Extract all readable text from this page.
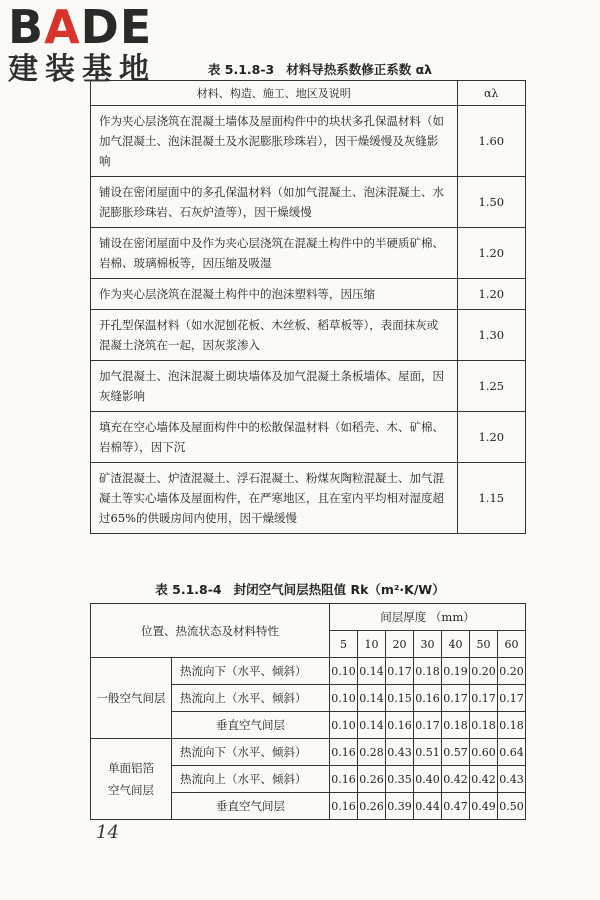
BADE
建装基地	表 5.1.8-3 材料导热系数修正系数 αλ
材料、构造、施工、地区及说明	αλ
作为夹心层浇筑在混凝土墙体及屋面构件中的块状多孔保温材料（如加气混凝土、泡沫混凝土及水泥膨胀珍珠岩），因干燥缓慢及灰缝影响	1.60
铺设在密闭屋面中的多孔保温材料（如加气混凝土、泡沫混凝土、水泥膨胀珍珠岩、石灰炉渣等），因干燥缓慢	1.50
铺设在密闭屋面中及作为夹心层浇筑在混凝土构件中的半硬质矿棉、岩棉、玻璃棉板等，因压缩及吸湿	1.20
作为夹心层浇筑在混凝土构件中的泡沫塑料等，因压缩	1.20
开孔型保温材料（如水泥刨花板、木丝板、稻草板等），表面抹灰或混凝土浇筑在一起，因灰浆渗入	1.30
加气混凝土、泡沫混凝土砌块墙体及加气混凝土条板墙体、屋面，因灰缝影响	1.25
填充在空心墙体及屋面构件中的松散保温材料（如稻壳、木、矿棉、岩棉等），因下沉	1.20
矿渣混凝土、炉渣混凝土、浮石混凝土、粉煤灰陶粒混凝土、加气混凝土等实心墙体及屋面构件，在严寒地区，且在室内平均相对湿度超过65%的供暖房间内使用，因干燥缓慢	1.15
表 5.1.8-4 封闭空气间层热阻值 Rk（m²·K/W）
位置、热流状态及材料特性		间层厚度 （mm）						
		5	10	20	30	40	50	60

一般空气间层	热流向下（水平、倾斜）	0.10	0.14	0.17	0.18	0.19	0.20	0.20
	热流向上（水平、倾斜）	0.10	0.14	0.15	0.16	0.17	0.17	0.17
	垂直空气间层	0.10	0.14	0.16	0.17	0.18	0.18	0.18

单面铝箔
空气间层	热流向下（水平、倾斜）	0.16	0.28	0.43	0.51	0.57	0.60	0.64
	热流向上（水平、倾斜）	0.16	0.26	0.35	0.40	0.42	0.42	0.43
	垂直空气间层	0.16	0.26	0.39	0.44	0.47	0.49	0.50
14
